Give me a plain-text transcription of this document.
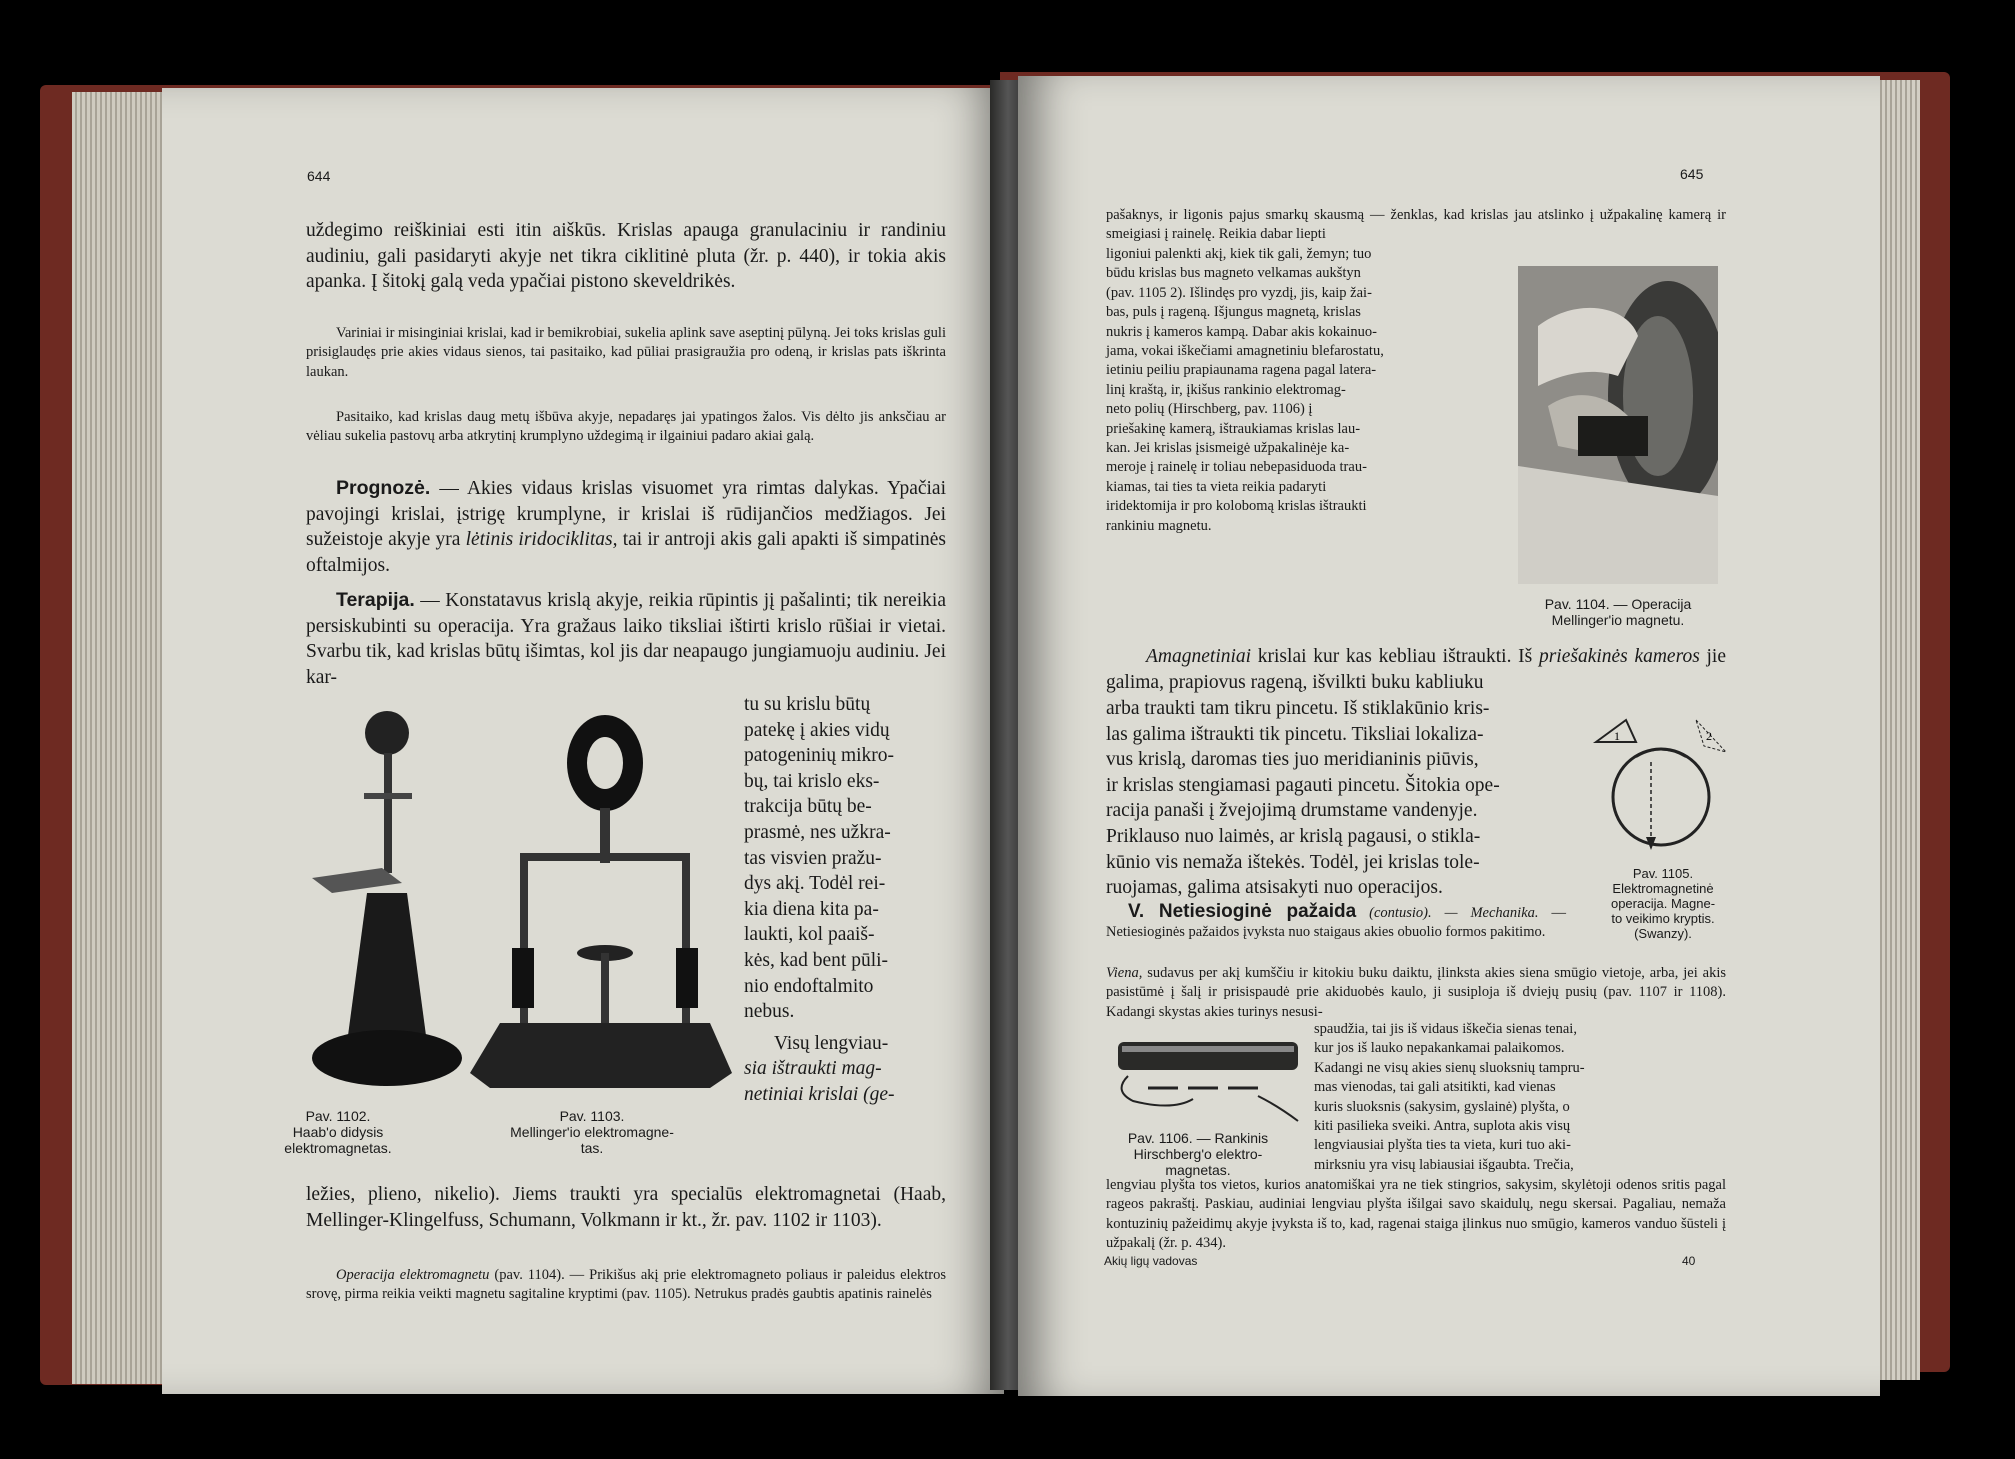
644

uždegimo reiškiniai esti itin aiškūs. Krislas apauga granulaciniu ir randiniu audiniu, gali pasidaryti akyje net tikra ciklitinė pluta (žr. p. 440), ir tokia akis apanka. Į šitokį galą veda ypačiai pistono skeveldrikės.

Variniai ir misinginiai krislai, kad ir bemikrobiai, sukelia aplink save aseptinį pūlyną. Jei toks krislas guli prisiglaudęs prie akies vidaus sienos, tai pasitaiko, kad pūliai prasigraužia pro odeną, ir krislas pats iškrinta laukan.

Pasitaiko, kad krislas daug metų išbūva akyje, nepadaręs jai ypatingos žalos. Vis dėlto jis anksčiau ar vėliau sukelia pastovų arba atkrytinį krumplyno uždegimą ir ilgainiui padaro akiai galą.

Prognozė. — Akies vidaus krislas visuomet yra rimtas dalykas. Ypačiai pavojingi krislai, įstrigę krumplyne, ir krislai iš rūdijančios medžiagos. Jei sužeistoje akyje yra lėtinis iridociklitas, tai ir antroji akis gali apakti iš simpatinės oftalmijos.

Terapija. — Konstatavus krislą akyje, reikia rūpintis jį pašalinti; tik nereikia persiskubinti su operacija. Yra gražaus laiko tiksliai ištirti krislo rūšiai ir vietai. Svarbu tik, kad krislas būtų išimtas, kol jis dar neapaugo jungiamuoju audiniu. Jei kar-

tu su krislu būtų
patekę į akies vidų
patogeninių mikro-
bų, tai krislo eks-
trakcija būtų be-
prasmė, nes užkra-
tas visvien pražu-
dys akį. Todėl rei-
kia diena kita pa-
laukti, kol paaiš-
kės, kad bent pūli-
nio endoftalmito
nebus.
Visų lengviau-
sia ištraukti mag-
netiniai krislai (ge-
Pav. 1102.
Haab'o didysis
elektromagnetas.
Pav. 1103.
Mellinger'io elektromagne-
tas.

ležies, plieno, nikelio). Jiems traukti yra specialūs elektromagnetai (Haab, Mellinger-Klingelfuss, Schumann, Volkmann ir kt., žr. pav. 1102 ir 1103).

Operacija elektromagnetu (pav. 1104). — Prikišus akį prie elektromagneto poliaus ir paleidus elektros srovę, pirma reikia veikti magnetu sagitaline kryptimi (pav. 1105). Netrukus pradės gaubtis apatinis rainelės

645

pašaknys, ir ligonis pajus smarkų skausmą — ženklas, kad krislas jau atslinko į užpakalinę kamerą ir smeigiasi į rainelę. Reikia dabar liepti

ligoniui palenkti akį, kiek tik gali, žemyn; tuo
būdu krislas bus magneto velkamas aukštyn
(pav. 1105 2). Išlindęs pro vyzdį, jis, kaip žai-
bas, puls į rageną. Išjungus magnetą, krislas
nukris į kameros kampą. Dabar akis kokainuo-
jama, vokai iškečiami amagnetiniu blefarostatu,
ietiniu peiliu prapiaunama ragena pagal latera-
linį kraštą, ir, įkišus rankinio elektromag-
neto polių (Hirschberg, pav. 1106) į
priešakinę kamerą, ištraukiamas krislas lau-
kan. Jei krislas įsismeigė užpakalinėje ka-
meroje į rainelę ir toliau nebepasiduoda trau-
kiamas, tai ties ta vieta reikia padaryti
iridektomija ir pro kolobomą krislas ištraukti
rankiniu magnetu.
Pav. 1104. — Operacija
Mellinger'io magnetu.

Amagnetiniai krislai kur kas kebliau ištraukti. Iš priešakinės kameros jie galima, prapiovus rageną, išvilkti buku kabliuku

arba traukti tam tikru pincetu. Iš stiklakūnio kris-
las galima ištraukti tik pincetu. Tiksliai lokaliza-
vus krislą, daromas ties juo meridianinis piūvis,
ir krislas stengiamasi pagauti pincetu. Šitokia ope-
racija panaši į žvejojimą drumstame vandenyje.
Priklauso nuo laimės, ar krislą pagausi, o stikla-
kūnio vis nemaža ištekės. Todėl, jei krislas tole-
ruojamas, galima atsisakyti nuo operacijos.
1	2
Pav. 1105.
Elektromagnetinė
operacija. Magne-
to veikimo kryptis.
(Swanzy).

V. Netiesioginė pažaida (contusio). — Mechanika. — Netiesioginės pažaidos įvyksta nuo staigaus akies obuolio formos pakitimo.

Viena, sudavus per akį kumščiu ir kitokiu buku daiktu, įlinksta akies siena smūgio vietoje, arba, jei akis pasistūmė į šalį ir prisispaudė prie akiduobės kaulo, ji susiploja iš dviejų pusių (pav. 1107 ir 1108). Kadangi skystas akies turinys nesusi-

Pav. 1106. — Rankinis
Hirschberg'o elektro-
magnetas.
spaudžia, tai jis iš vidaus iškečia sienas tenai,
kur jos iš lauko nepakankamai palaikomos.
Kadangi ne visų akies sienų sluoksnių tampru-
mas vienodas, tai gali atsitikti, kad vienas
kuris sluoksnis (sakysim, gyslainė) plyšta, o
kiti pasilieka sveiki. Antra, suplota akis visų
lengviausiai plyšta ties ta vieta, kuri tuo aki-
mirksniu yra visų labiausiai išgaubta. Trečia,

lengviau plyšta tos vietos, kurios anatomiškai yra ne tiek stingrios, sakysim, skylėtoji odenos sritis pagal rageos pakraštį. Paskiau, audiniai lengviau plyšta išilgai savo skaidulų, negu skersai. Pagaliau, nemaža kontuzinių pažeidimų akyje įvyksta iš to, kad, ragenai staiga įlinkus nuo smūgio, kameros vanduo šūsteli į užpakalį (žr. p. 434).

Akių ligų vadovas	40
